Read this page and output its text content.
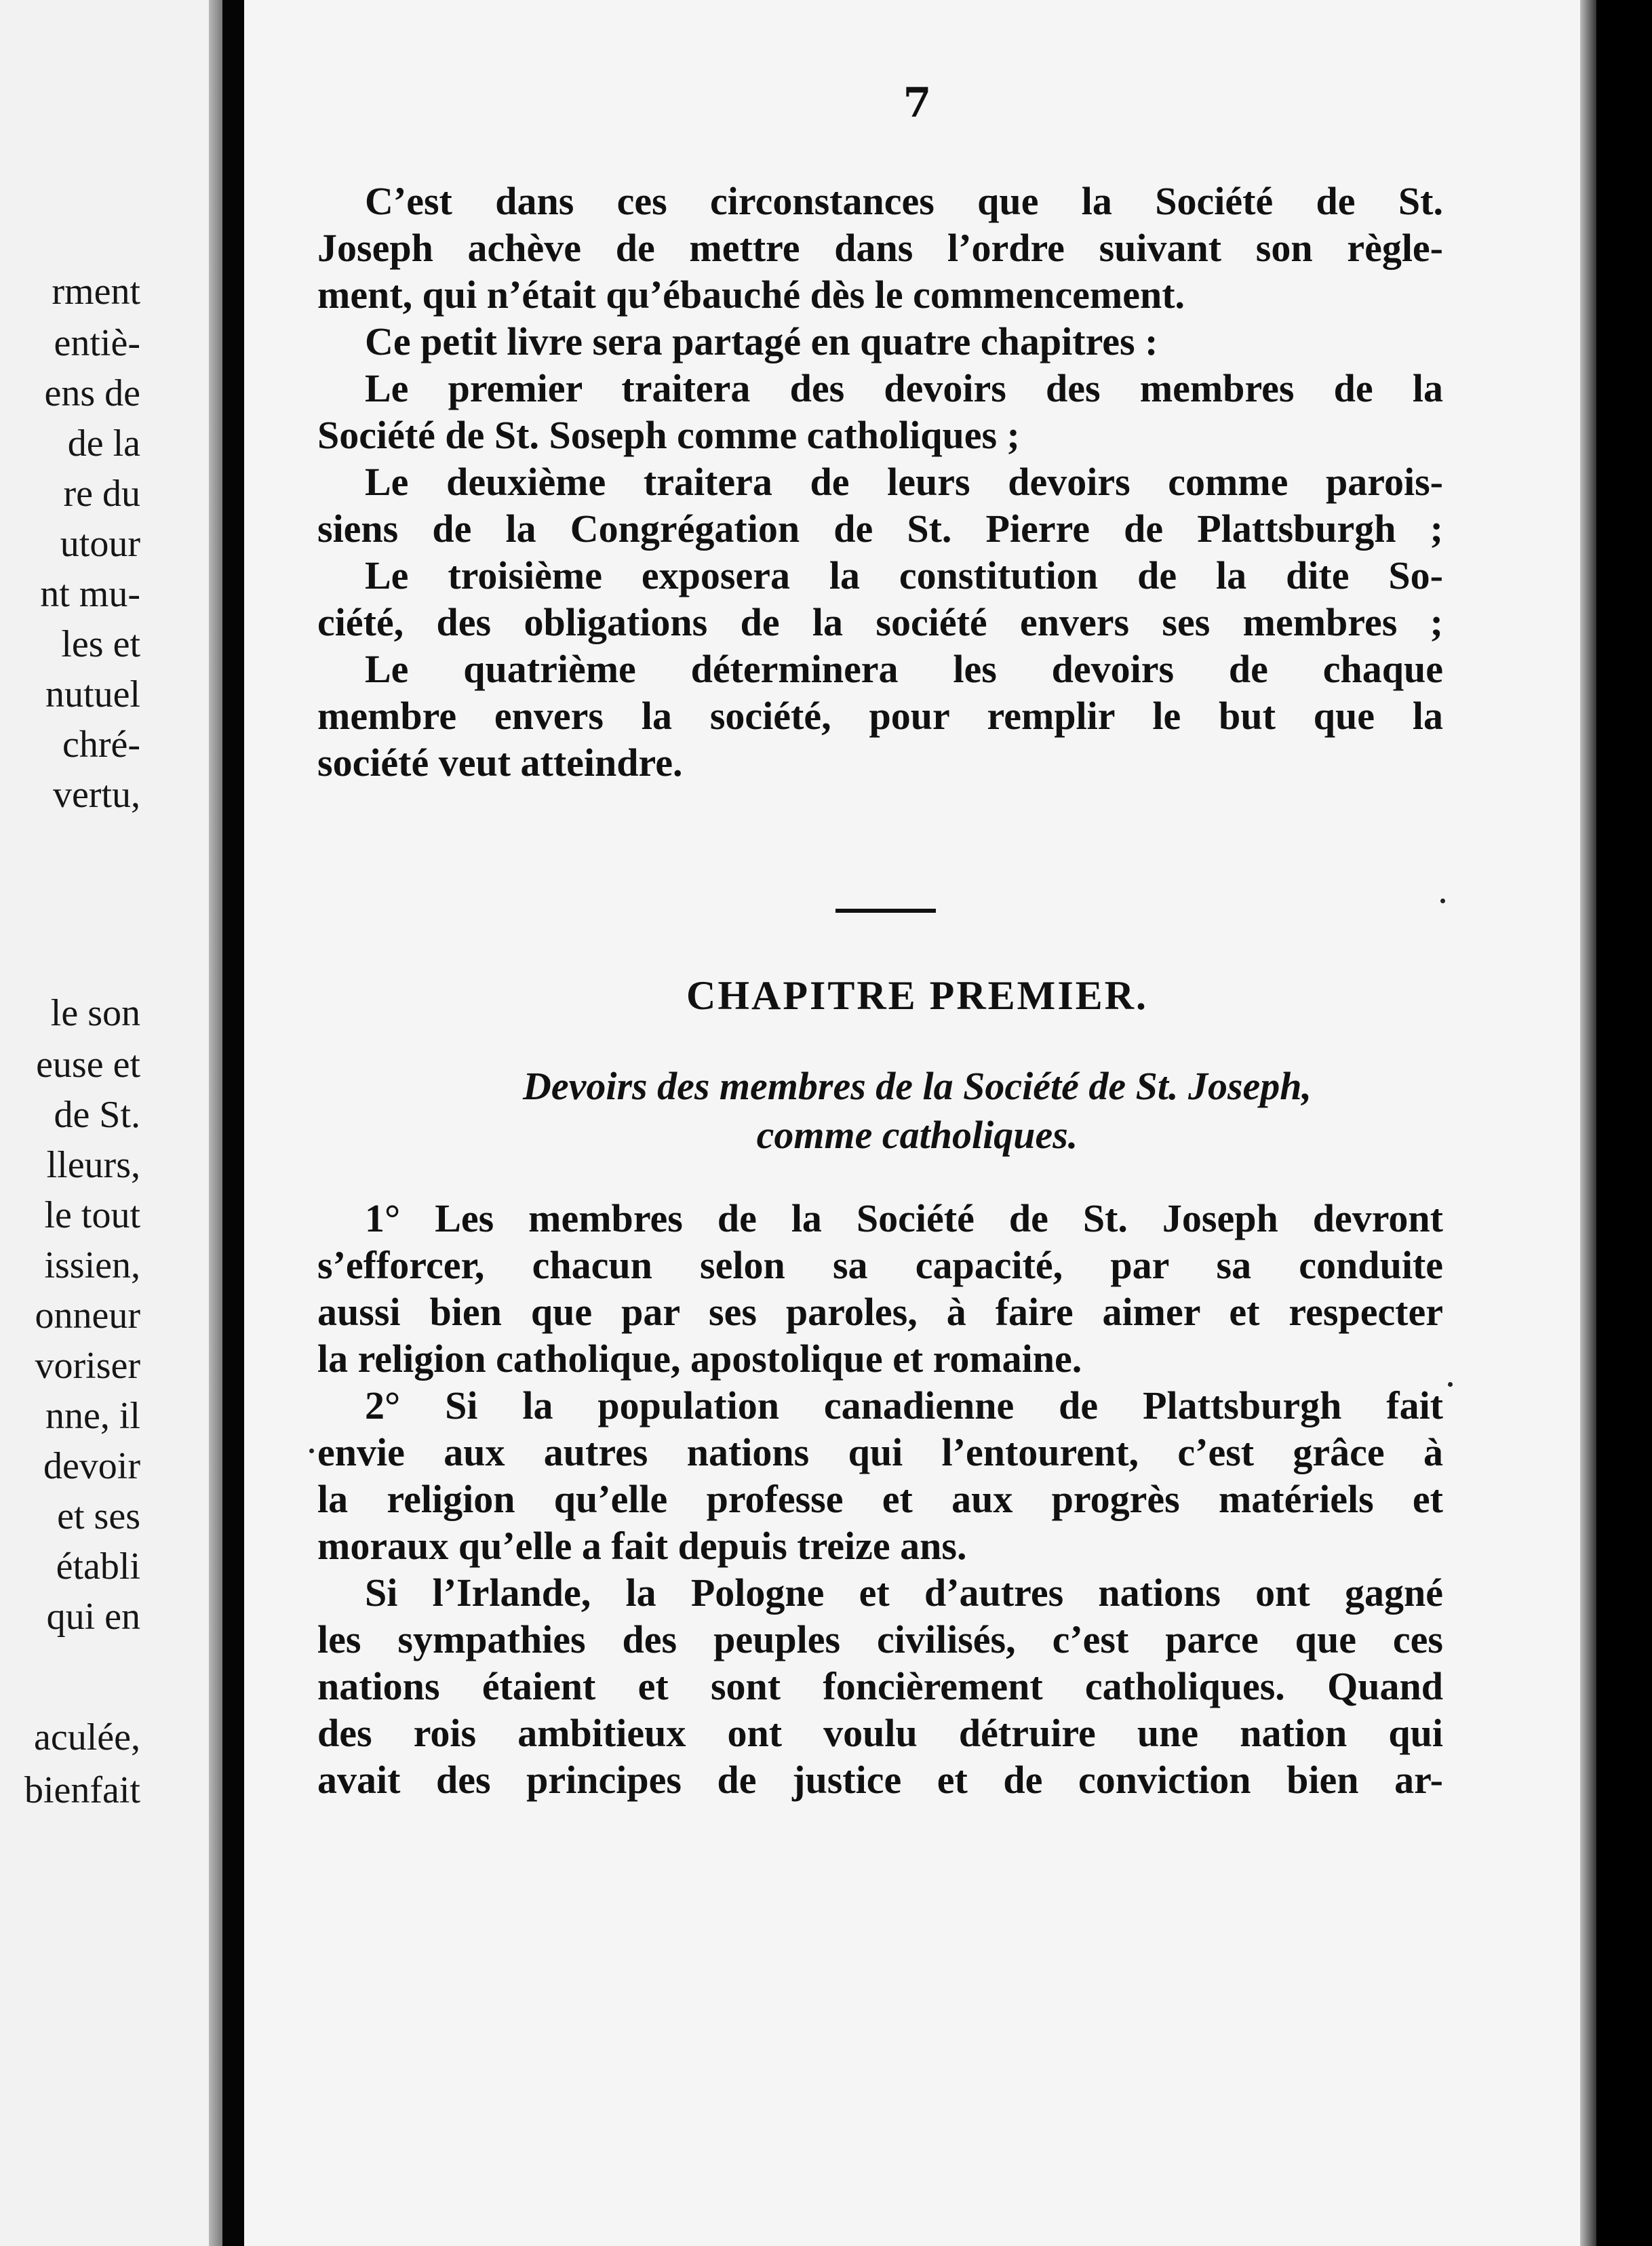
rment
entiè-
ens de
de la
re du
utour
nt mu-
les et
nutuel
chré-
vertu,
le son
euse et
de St.
lleurs,
le tout
issien,
onneur
voriser
nne, il
devoir
et ses
établi
qui en
aculée,
bienfait
7
C’est dans ces circonstances que la Société de St.
Joseph achève de mettre dans l’ordre suivant son règle-
ment, qui n’était qu’ébauché dès le commencement.
Ce petit livre sera partagé en quatre chapitres :
Le premier traitera des devoirs des membres de la
Société de St. Soseph comme catholiques ;
Le deuxième traitera de leurs devoirs comme parois-
siens de la Congrégation de St. Pierre de Plattsburgh ;
Le troisième exposera la constitution de la dite So-
ciété, des obligations de la société envers ses membres ;
Le quatrième déterminera les devoirs de chaque
membre envers la société, pour remplir le but que la
société veut atteindre.
CHAPITRE PREMIER.
Devoirs des membres de la Société de St. Joseph,
comme catholiques.
1° Les membres de la Société de St. Joseph devront
s’efforcer, chacun selon sa capacité, par sa conduite
aussi bien que par ses paroles, à faire aimer et respecter
la religion catholique, apostolique et romaine.
2° Si la population canadienne de Plattsburgh fait
envie aux autres nations qui l’entourent, c’est grâce à
la religion qu’elle professe et aux progrès matériels et
moraux qu’elle a fait depuis treize ans.
Si l’Irlande, la Pologne et d’autres nations ont gagné
les sympathies des peuples civilisés, c’est parce que ces
nations étaient et sont foncièrement catholiques. Quand
des rois ambitieux ont voulu détruire une nation qui
avait des principes de justice et de conviction bien ar-
